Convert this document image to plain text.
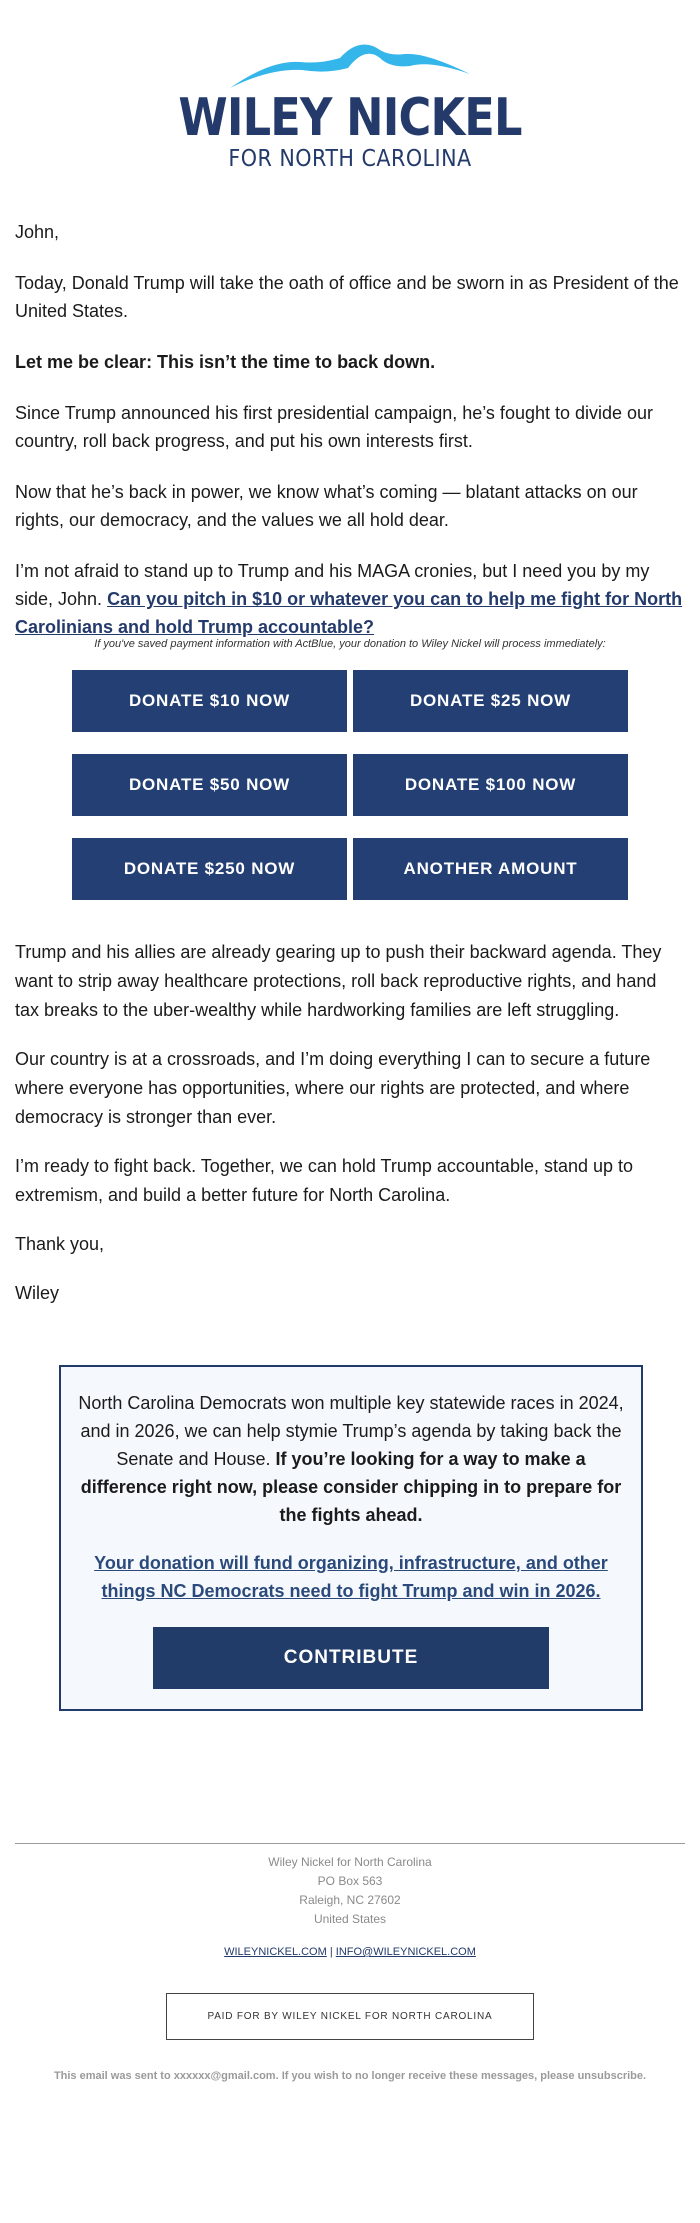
WILEY NICKEL
FOR NORTH CAROLINA

John,

Today, Donald Trump will take the oath of office and be sworn in as President of the United States.

Let me be clear: This isn’t the time to back down.

Since Trump announced his first presidential campaign, he’s fought to divide our country, roll back progress, and put his own interests first.

Now that he’s back in power, we know what’s coming — blatant attacks on our rights, our democracy, and the values we all hold dear.

I’m not afraid to stand up to Trump and his MAGA cronies, but I need you by my side, John. Can you pitch in $10 or whatever you can to help me fight for North Carolinians and hold Trump accountable?

If you've saved payment information with ActBlue, your donation to Wiley Nickel will process immediately:
DONATE $10 NOW	DONATE $25 NOW
DONATE $50 NOW	DONATE $100 NOW
DONATE $250 NOW	ANOTHER AMOUNT

Trump and his allies are already gearing up to push their backward agenda. They want to strip away healthcare protections, roll back reproductive rights, and hand tax breaks to the uber-wealthy while hardworking families are left struggling.

Our country is at a crossroads, and I’m doing everything I can to secure a future where everyone has opportunities, where our rights are protected, and where democracy is stronger than ever.

I’m ready to fight back. Together, we can hold Trump accountable, stand up to extremism, and build a better future for North Carolina.

Thank you,

Wiley

North Carolina Democrats won multiple key statewide races in 2024, and in 2026, we can help stymie Trump’s agenda by taking back the Senate and House. If you’re looking for a way to make a difference right now, please consider chipping in to prepare for the fights ahead.
Your donation will fund organizing, infrastructure, and other things NC Democrats need to fight Trump and win in 2026.
CONTRIBUTE
Wiley Nickel for North Carolina
PO Box 563
Raleigh, NC 27602
United States
WILEYNICKEL.COM | INFO@WILEYNICKEL.COM
PAID FOR BY WILEY NICKEL FOR NORTH CAROLINA
This email was sent to xxxxxx@gmail.com. If you wish to no longer receive these messages, please unsubscribe.
